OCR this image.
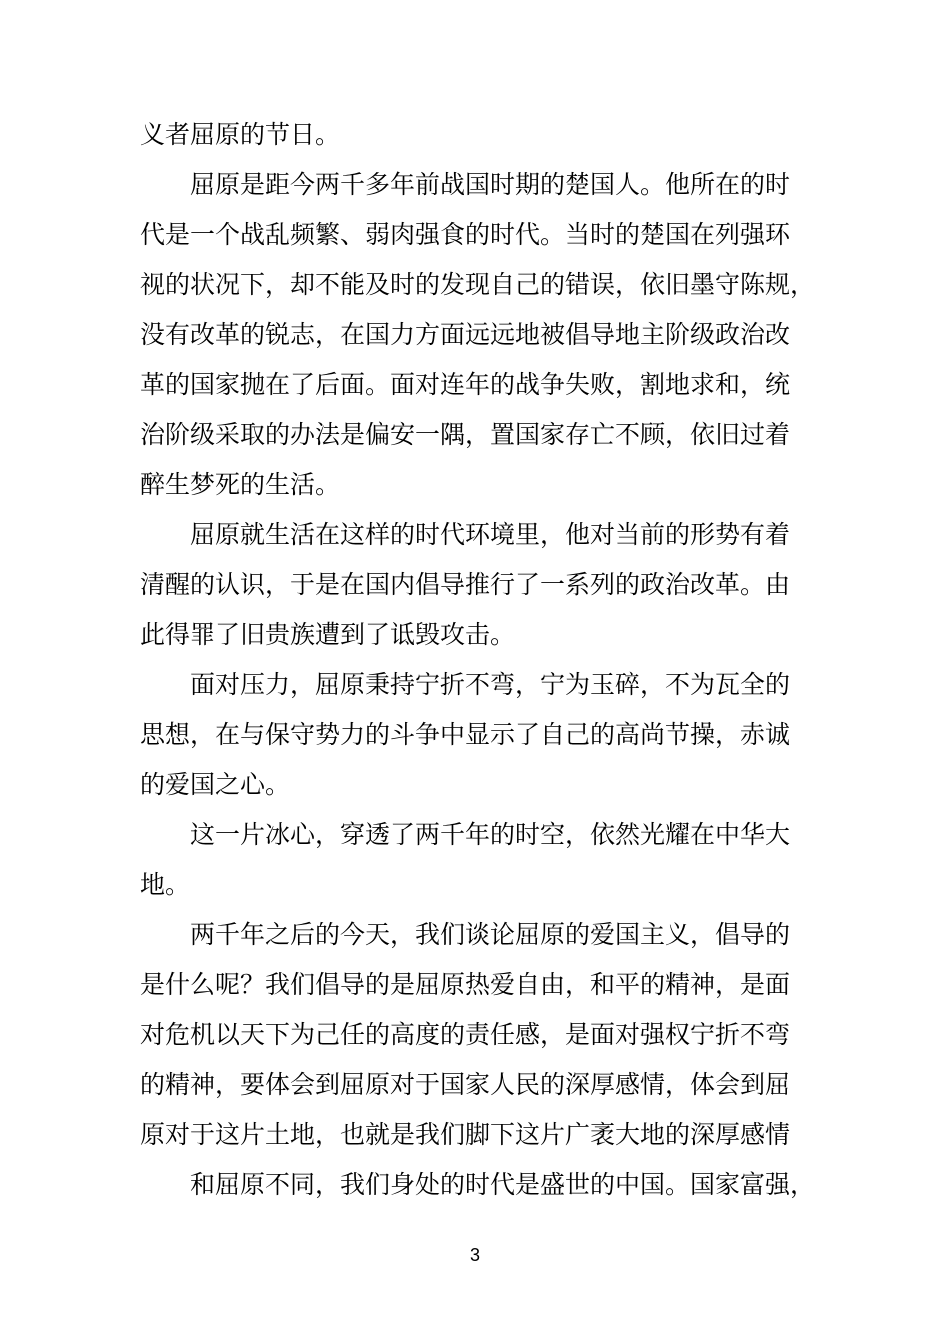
义者屈原的节日。
屈原是距今两千多年前战国时期的楚国人。他所在的时
代是一个战乱频繁、弱肉强食的时代。当时的楚国在列强环
视的状况下，却不能及时的发现自己的错误，依旧墨守陈规，
没有改革的锐志，在国力方面远远地被倡导地主阶级政治改
革的国家抛在了后面。面对连年的战争失败，割地求和，统
治阶级采取的办法是偏安一隅，置国家存亡不顾，依旧过着
醉生梦死的生活。
屈原就生活在这样的时代环境里，他对当前的形势有着
清醒的认识，于是在国内倡导推行了一系列的政治改革。由
此得罪了旧贵族遭到了诋毁攻击。
面对压力，屈原秉持宁折不弯，宁为玉碎，不为瓦全的
思想，在与保守势力的斗争中显示了自己的高尚节操，赤诚
的爱国之心。
这一片冰心，穿透了两千年的时空，依然光耀在中华大
地。
两千年之后的今天，我们谈论屈原的爱国主义，倡导的
是什么呢？我们倡导的是屈原热爱自由，和平的精神，是面
对危机以天下为己任的高度的责任感，是面对强权宁折不弯
的精神，要体会到屈原对于国家人民的深厚感情，体会到屈
原对于这片土地，也就是我们脚下这片广袤大地的深厚感情
和屈原不同，我们身处的时代是盛世的中国。国家富强，
3
